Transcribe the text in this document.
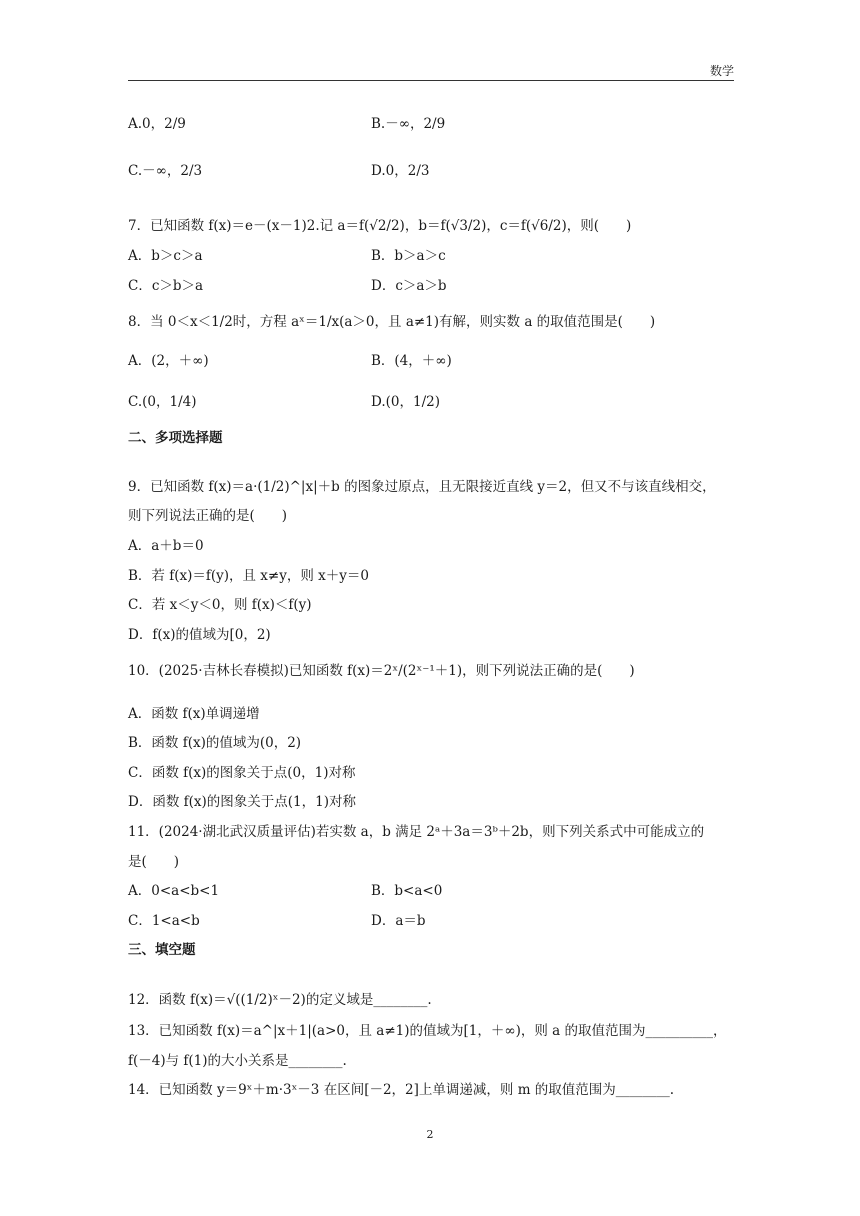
数学
A.0，2/9	B.－∞，2/9
C.－∞，2/3	D.0，2/3
7．已知函数 f(x)＝e－(x－1)2.记 a＝f(√2/2)，b＝f(√3/2)，c＝f(√6/2)，则(　　)
A．b＞c＞a	B．b＞a＞c
C．c＞b＞a	D．c＞a＞b
8．当 0＜x＜1/2时，方程 aˣ＝1/x(a＞0，且 a≠1)有解，则实数 a 的取值范围是(　　)
A．(2，＋∞)	B．(4，＋∞)
C.(0，1/4)	D.(0，1/2)
二、多项选择题
9．已知函数 f(x)＝a·(1/2)^|x|＋b 的图象过原点，且无限接近直线 y＝2，但又不与该直线相交，
则下列说法正确的是(　　)
A．a＋b＝0
B．若 f(x)＝f(y)，且 x≠y，则 x＋y＝0
C．若 x＜y＜0，则 f(x)＜f(y)
D．f(x)的值域为[0，2)
10．(2025·吉林长春模拟)已知函数 f(x)＝2ˣ/(2ˣ⁻¹＋1)，则下列说法正确的是(　　)
A．函数 f(x)单调递增
B．函数 f(x)的值域为(0，2)
C．函数 f(x)的图象关于点(0，1)对称
D．函数 f(x)的图象关于点(1，1)对称
11．(2024·湖北武汉质量评估)若实数 a，b 满足 2ᵃ＋3a＝3ᵇ＋2b，则下列关系式中可能成立的
是(　　)
A．0<a<b<1	B．b<a<0
C．1<a<b	D．a＝b
三、填空题
12．函数 f(x)＝√((1/2)ˣ－2)的定义域是________.
13．已知函数 f(x)＝a^|x＋1|(a>0，且 a≠1)的值域为[1，＋∞)，则 a 的取值范围为__________，
f(－4)与 f(1)的大小关系是________.
14．已知函数 y＝9ˣ＋m·3ˣ－3 在区间[－2，2]上单调递减，则 m 的取值范围为________.
2
